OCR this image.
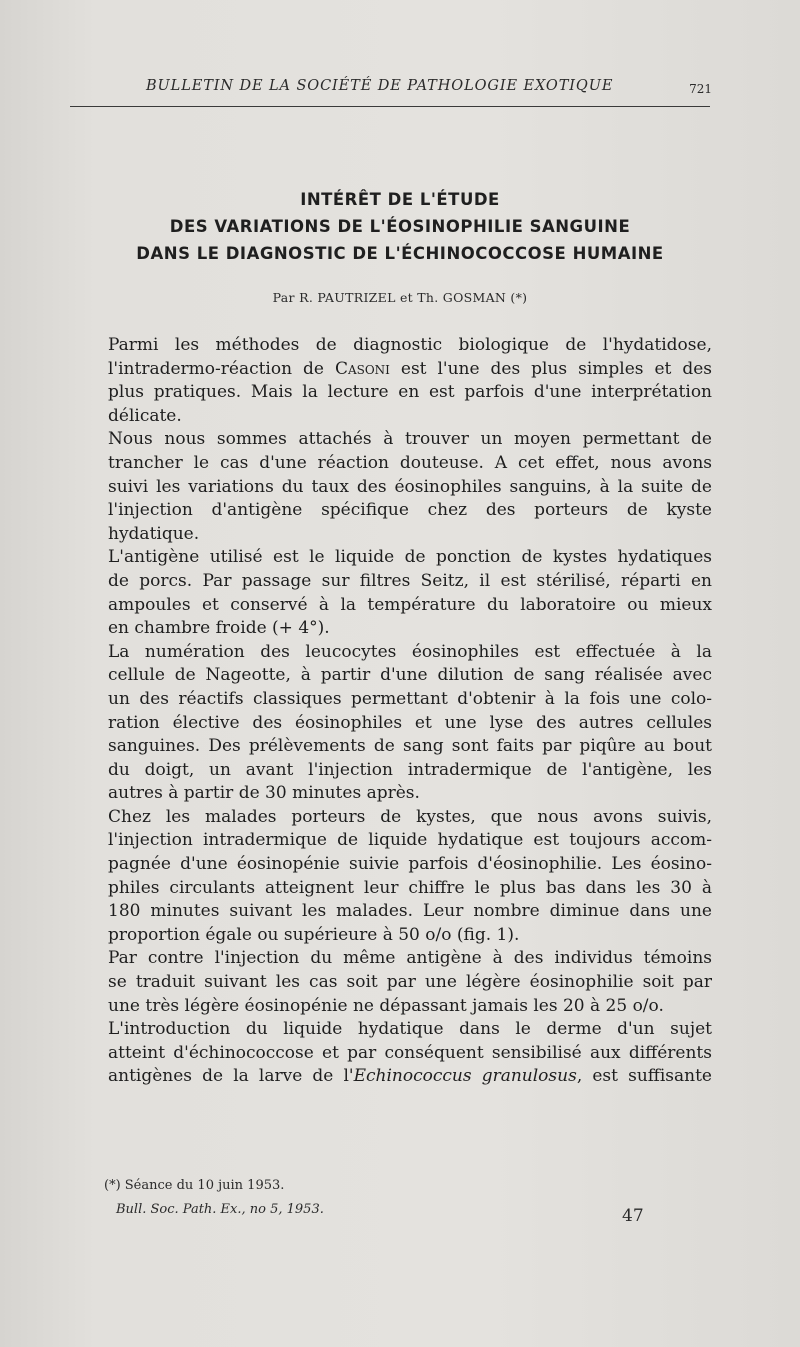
BULLETIN DE LA SOCIÉTÉ DE PATHOLOGIE EXOTIQUE	721
INTÉRÊT DE L'ÉTUDE
DES VARIATIONS DE L'ÉOSINOPHILIE SANGUINE
DANS LE DIAGNOSTIC DE L'ÉCHINOCOCCOSE HUMAINE
Par R. PAUTRIZEL et Th. GOSMAN (*)

Parmi les méthodes de diagnostic biologique de l'hydatidose,
l'intradermo-réaction de Casoni est l'une des plus simples et des
plus pratiques. Mais la lecture en est parfois d'une interprétation
délicate.

Nous nous sommes attachés à trouver un moyen permettant de
trancher le cas d'une réaction douteuse. A cet effet, nous avons
suivi les variations du taux des éosinophiles sanguins, à la suite de
l'injection d'antigène spécifique chez des porteurs de kyste
hydatique.

L'antigène utilisé est le liquide de ponction de kystes hydatiques
de porcs. Par passage sur filtres Seitz, il est stérilisé, réparti en
ampoules et conservé à la température du laboratoire ou mieux
en chambre froide (+ 4°).

La numération des leucocytes éosinophiles est effectuée à la
cellule de Nageotte, à partir d'une dilution de sang réalisée avec
un des réactifs classiques permettant d'obtenir à la fois une colo-
ration élective des éosinophiles et une lyse des autres cellules
sanguines. Des prélèvements de sang sont faits par piqûre au bout
du doigt, un avant l'injection intradermique de l'antigène, les
autres à partir de 30 minutes après.

Chez les malades porteurs de kystes, que nous avons suivis,
l'injection intradermique de liquide hydatique est toujours accom-
pagnée d'une éosinopénie suivie parfois d'éosinophilie. Les éosino-
philes circulants atteignent leur chiffre le plus bas dans les 30 à
180 minutes suivant les malades. Leur nombre diminue dans une
proportion égale ou supérieure à 50 o/o (fig. 1).

Par contre l'injection du même antigène à des individus témoins
se traduit suivant les cas soit par une légère éosinophilie soit par
une très légère éosinopénie ne dépassant jamais les 20 à 25 o/o.

L'introduction du liquide hydatique dans le derme d'un sujet
atteint d'échinococcose et par conséquent sensibilisé aux différents
antigènes de la larve de l'Echinococcus granulosus, est suffisante

(*) Séance du 10 juin 1953.
Bull. Soc. Path. Ex., no 5, 1953.	47
